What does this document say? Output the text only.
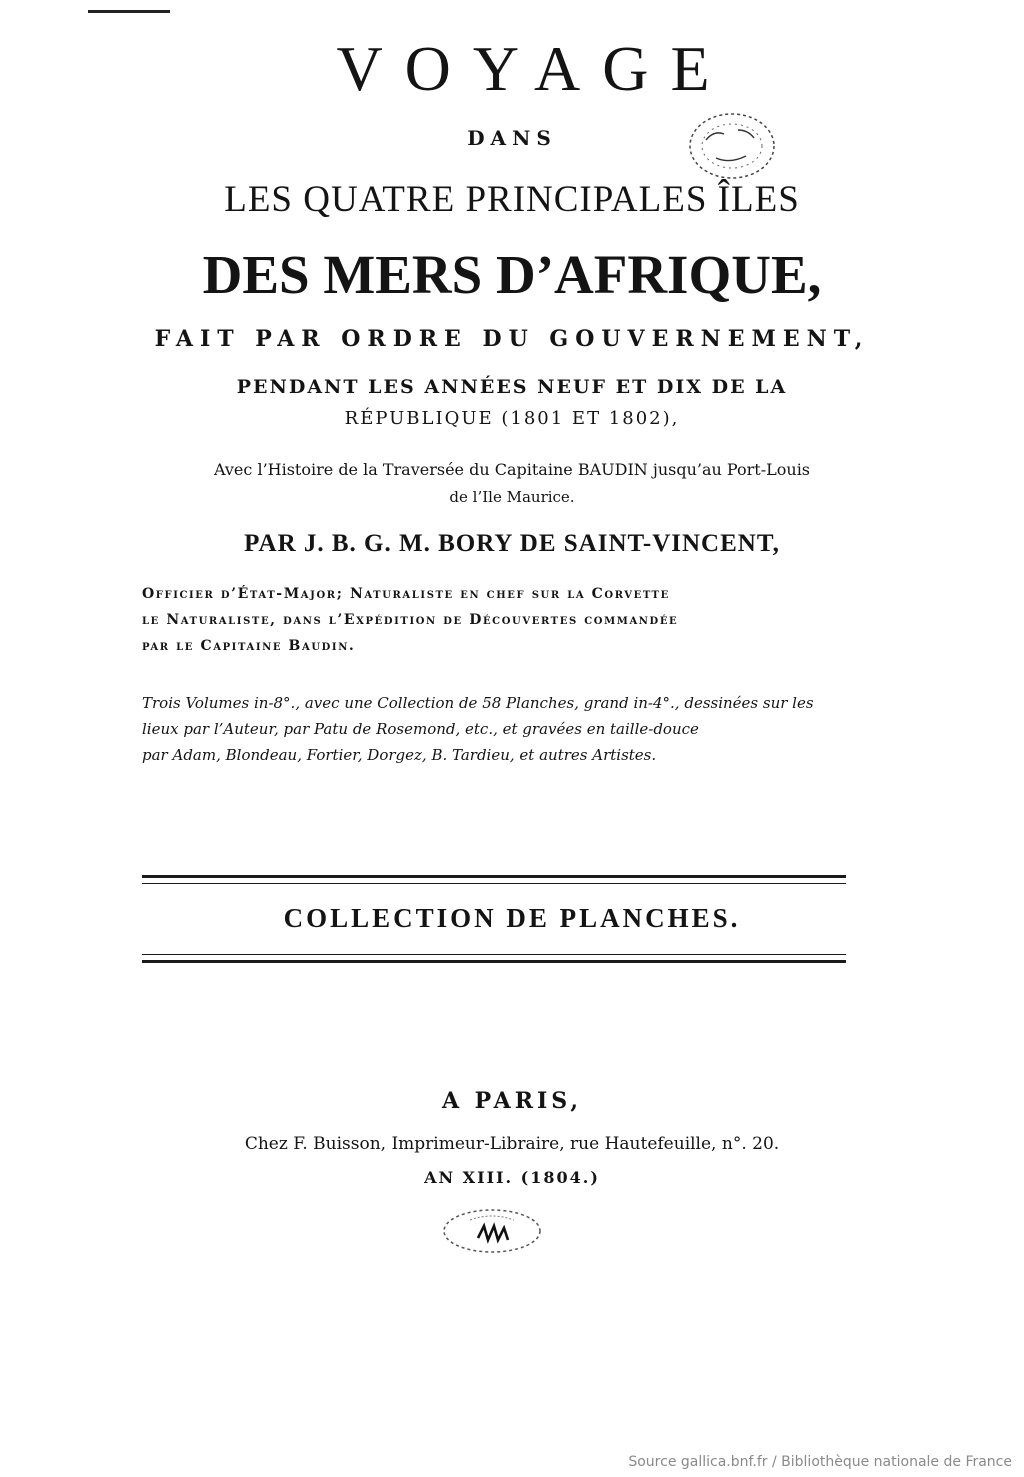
VOYAGE
DANS
LES QUATRE PRINCIPALES ÎLES
DES MERS D’AFRIQUE,
FAIT PAR ORDRE DU GOUVERNEMENT,
PENDANT LES ANNÉES NEUF ET DIX DE LA
RÉPUBLIQUE (1801 ET 1802),
Avec l’Histoire de la Traversée du Capitaine BAUDIN jusqu’au Port-Louis
de l’Ile Maurice.
PAR J. B. G. M. BORY DE SAINT-VINCENT,
Officier d’État-Major; Naturaliste en chef sur la Corvette
le Naturaliste, dans l’Expédition de Découvertes commandée
par le Capitaine Baudin.
Trois Volumes in-8°., avec une Collection de 58 Planches, grand in-4°., dessinées sur les
lieux par l’Auteur, par Patu de Rosemond, etc., et gravées en taille-douce
par Adam, Blondeau, Fortier, Dorgez, B. Tardieu, et autres Artistes.
COLLECTION DE PLANCHES.
A PARIS,
Chez F. Buisson, Imprimeur-Libraire, rue Hautefeuille, n°. 20.
AN XIII. (1804.)
Source gallica.bnf.fr / Bibliothèque nationale de France
